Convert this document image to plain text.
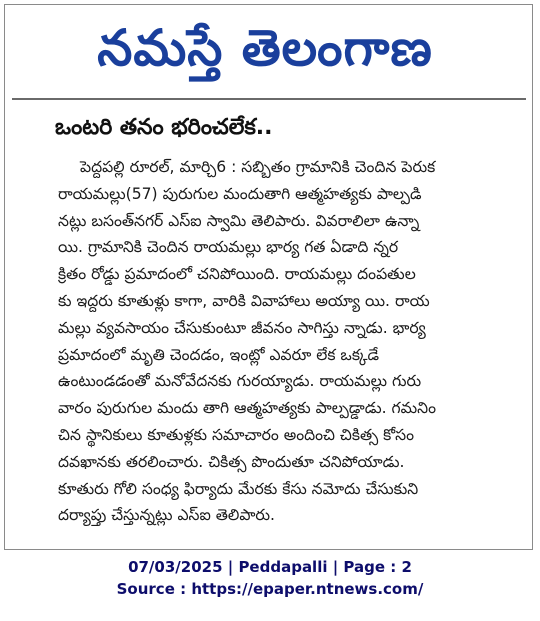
నమస్తే తెలంగాణ
ఒంటరి తనం భరించలేక..
పెద్దపల్లి రూరల్, మార్చి6 : సబ్బితం గ్రామానికి చెందిన పెరుక
రాయమల్లు(57) పురుగుల మందుతాగి ఆత్మహత్యకు పాల్పడి
నట్లు బసంత్‌నగర్ ఎస్‌ఐ స్వామి తెలిపారు. వివరాలిలా ఉన్నా
యి. గ్రామానికి చెందిన రాయమల్లు భార్య గత ఏడాది న్నర
క్రితం రోడ్డు ప్రమాదంలో చనిపోయింది. రాయమల్లు దంపతుల
కు ఇద్దరు కూతుళ్లు కాగా, వారికి వివాహాలు అయ్యా యి. రాయ
మల్లు వ్యవసాయం చేసుకుంటూ జీవనం సాగిస్తు న్నాడు. భార్య
ప్రమాదంలో మృతి చెందడం, ఇంట్లో ఎవరూ లేక ఒక్కడే
ఉంటుండడంతో మనోవేదనకు గురయ్యాడు. రాయమల్లు గురు
వారం పురుగుల మందు తాగి ఆత్మహత్యకు పాల్పడ్డాడు. గమనిం
చిన స్థానికులు కూతుళ్లకు సమాచారం అందించి చికిత్స కోసం
దవఖానకు తరలించారు. చికిత్స పొందుతూ చనిపోయాడు.
కూతురు గోలి సంధ్య ఫిర్యాదు మేరకు కేసు నమోదు చేసుకుని
దర్యాప్తు చేస్తున్నట్లు ఎస్‌ఐ తెలిపారు.
07/03/2025 | Peddapalli | Page : 2
Source : https://epaper.ntnews.com/
